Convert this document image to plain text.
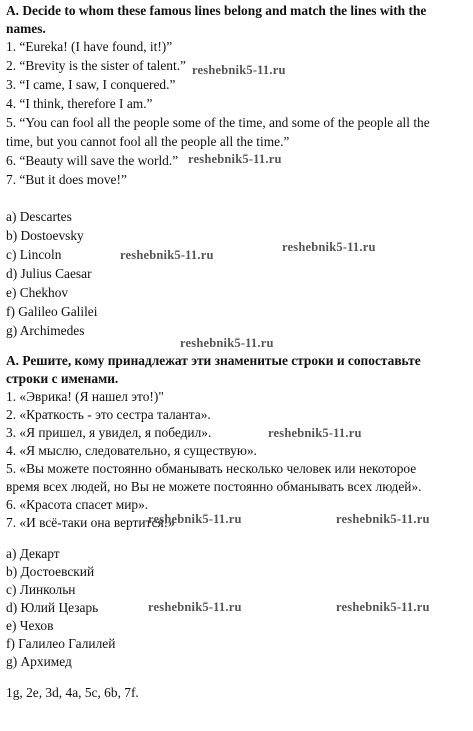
A. Decide to whom these famous lines belong and match the lines with the
names.
1. “Eureka! (I have found, it!)”
2. “Brevity is the sister of talent.”
3. “I came, I saw, I conquered.”
4. “I think, therefore I am.”
5. “You can fool all the people some of the time, and some of the people all the
time, but you cannot fool all the people all the time.”
6. “Beauty will save the world.”
7. “But it does move!”
a) Descartes
b) Dostoevsky
c) Lincoln
d) Julius Caesar
e) Chekhov
f) Galileo Galilei
g) Archimedes
A. Решите, кому принадлежат эти знаменитые строки и сопоставьте
строки с именами.
1. «Эврика! (Я нашел это!)"
2. «Краткость - это сестра таланта».
3. «Я пришел, я увидел, я победил».
4. «Я мыслю, следовательно, я существую».
5. «Вы можете постоянно обманывать несколько человек или некоторое
время всех людей, но Вы не можете постоянно обманывать всех людей».
6. «Красота спасет мир».
7. «И всё-таки она вертится!»
a) Декарт
b) Достоевский
c) Линкольн
d) Юлий Цезарь
e) Чехов
f) Галилео Галилей
g) Архимед
1g, 2e, 3d, 4a, 5c, 6b, 7f.
reshebnik5-11.ru
reshebnik5-11.ru
reshebnik5-11.ru
reshebnik5-11.ru
reshebnik5-11.ru
reshebnik5-11.ru
reshebnik5-11.ru	reshebnik5-11.ru
reshebnik5-11.ru	reshebnik5-11.ru
